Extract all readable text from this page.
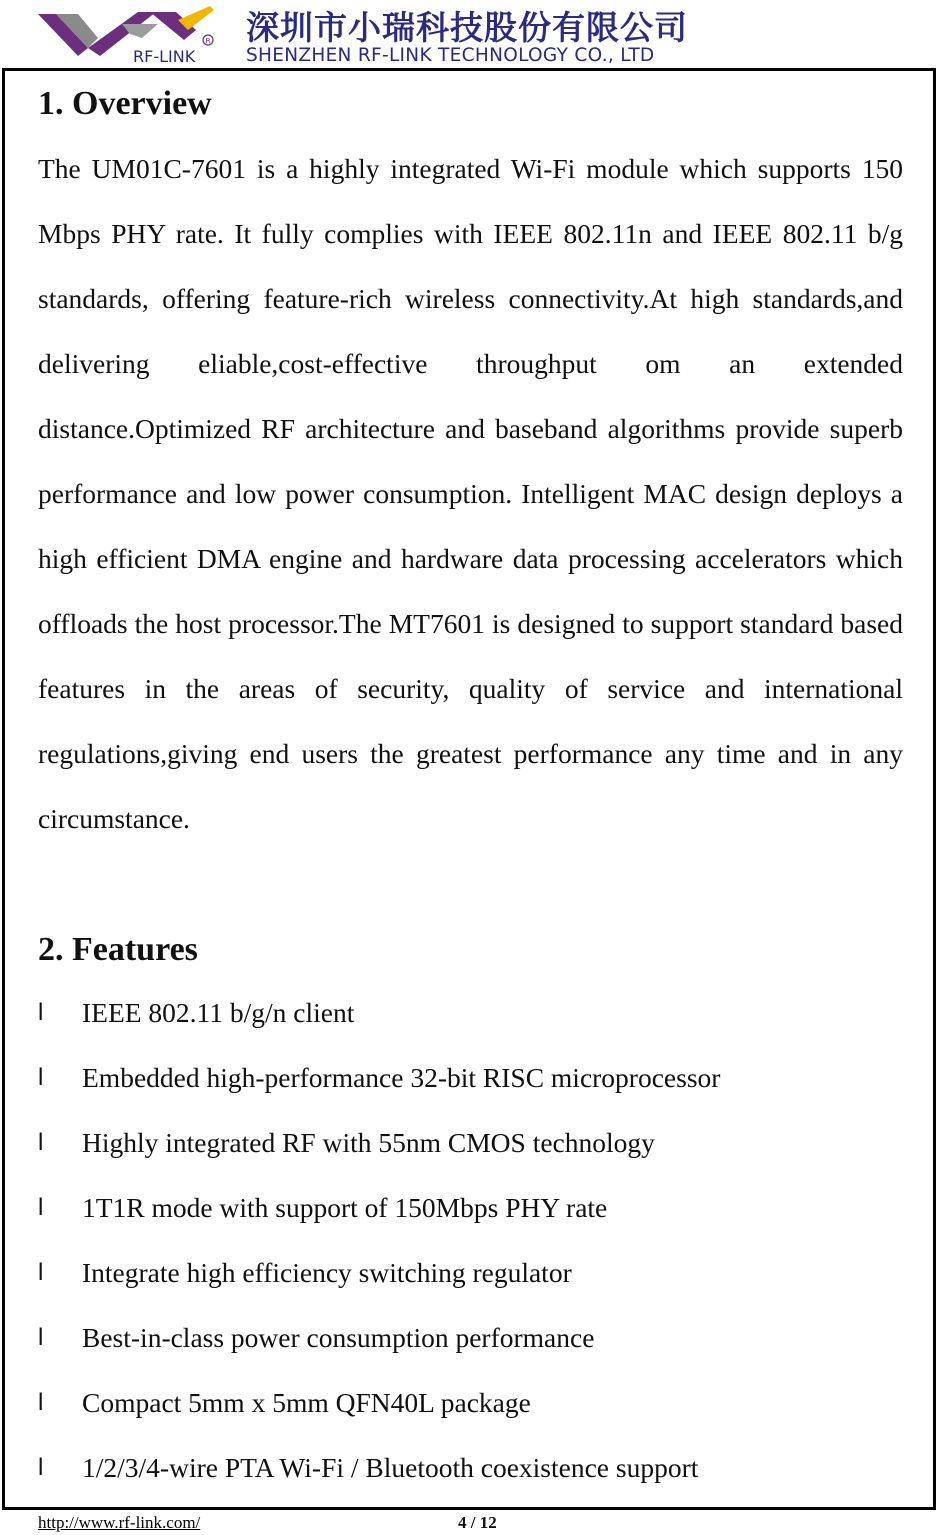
R
RF-LINK
深圳市小瑞科技股份有限公司
SHENZHEN RF-LINK TECHNOLOGY CO., LTD
1. Overview
The UM01C-7601 is a highly integrated Wi-Fi module which supports 150 Mbps PHY rate. It fully complies with IEEE 802.11n and IEEE 802.11 b/g standards, offering feature-rich wireless connectivity.At high standards,and delivering eliable,cost-effective throughput om an extended distance.Optimized RF architecture and baseband algorithms provide superb performance and low power consumption. Intelligent MAC design deploys a high efficient DMA engine and hardware data processing accelerators which offloads the host processor.The MT7601 is designed to support standard based features in the areas of security, quality of service and international regulations,giving end users the greatest performance any time and in any circumstance.
2. Features
l IEEE 802.11 b/g/n client
l Embedded high-performance 32-bit RISC microprocessor
l Highly integrated RF with 55nm CMOS technology
l 1T1R mode with support of 150Mbps PHY rate
l Integrate high efficiency switching regulator
l Best-in-class power consumption performance
l Compact 5mm x 5mm QFN40L package
l 1/2/3/4-wire PTA Wi-Fi / Bluetooth coexistence support
http://www.rf-link.com/	4 / 12
